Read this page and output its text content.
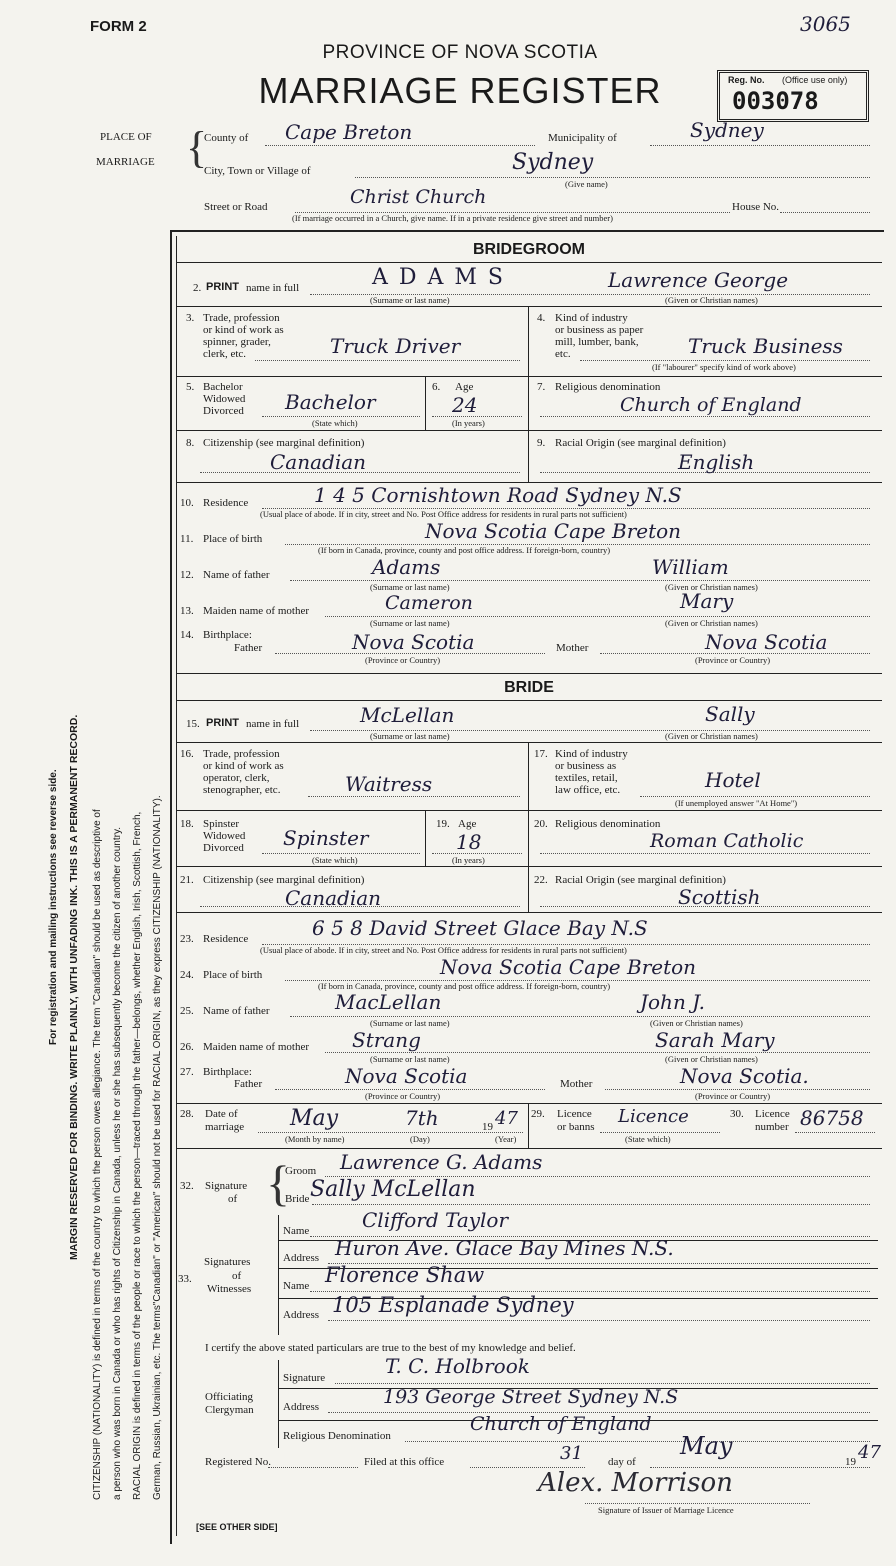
FORM 2	3065
PROVINCE OF NOVA SCOTIA
MARRIAGE REGISTER	Reg. No. (Office use only)
003078
PLACE OF
MARRIAGE {
County of Cape Breton	Municipality of	Sydney
City, Town or Village of	Sydney
(Give name)
Street or Road	Christ Church	House No.
(If marriage occurred in a Church, give name. If in a private residence give street and number)
For registration and mailing instructions see reverse side. MARGIN RESERVED FOR BINDING. WRITE PLAINLY, WITH UNFADING INK. THIS IS A PERMANENT RECORD. CITIZENSHIP (NATIONALITY) is defined in terms of the country to which the person owes allegiance. The term "Canadian" should be used as descriptive of a person who was born in Canada or who has rights of Citizenship in Canada, unless he or she has subsequently become the citizen of another country. RACIAL ORIGIN is defined in terms of the people or race to which the person—traced through the father—belongs, whether English, Irish, Scottish, French, German, Russian, Ukrainian, etc. The terms"Canadian" or "American" should not be used for RACIAL ORIGIN, as they express CITIZENSHIP (NATIONALITY).
BRIDEGROOM
2. PRINT name in full	A D A M S	Lawrence George
(Surname or last name)	(Given or Christian names)
3. Trade, profession
or kind of work as
spinner, grader,
clerk, etc.	Truck Driver
4. Kind of industry
or business as paper
mill, lumber, bank,
etc.	Truck Business
(If "labourer" specify kind of work above)
5. Bachelor
Widowed
Divorced Bachelor
(State which)
6. Age
24
(In years)
7. Religious denomination
Church of England
8. Citizenship (see marginal definition)
Canadian
9. Racial Origin (see marginal definition)
English
10. Residence	1 4 5 Cornishtown Road Sydney N.S
(Usual place of abode. If in city, street and No. Post Office address for residents in rural parts not sufficient)
11. Place of birth	Nova Scotia Cape Breton
(If born in Canada, province, county and post office address. If foreign-born, country)
12. Name of father	Adams	William
(Surname or last name)	(Given or Christian names)
13. Maiden name of mother	Cameron	Mary
(Surname or last name)	(Given or Christian names)
14. Birthplace:
Father	Nova Scotia	Mother	Nova Scotia
(Province or Country)	(Province or Country)
BRIDE
15. PRINT name in full	McLellan	Sally
(Surname or last name)	(Given or Christian names)
16. Trade, profession
or kind of work as
operator, clerk,
stenographer, etc.	Waitress
17. Kind of industry
or business as
textiles, retail,
law office, etc.	Hotel
(If unemployed answer "At Home")
18. Spinster
Widowed
Divorced Spinster
(State which)
19. Age
18
(In years)
20. Religious denomination
Roman Catholic
21. Citizenship (see marginal definition)
Canadian
22. Racial Origin (see marginal definition)
Scottish
23. Residence	6 5 8 David Street Glace Bay N.S
(Usual place of abode. If in city, street and No. Post Office address for residents in rural parts not sufficient)
24. Place of birth	Nova Scotia Cape Breton
(If born in Canada, province, county and post office address. If foreign-born, country)
25. Name of father	MacLellan	John J.
(Surname or last name)	(Given or Christian names)
26. Maiden name of mother Strang	Sarah Mary
(Surname or last name)	(Given or Christian names)
27. Birthplace:
Father	Nova Scotia	Mother	Nova Scotia.
(Province or Country)	(Province or Country)
28. Date of
marriage May	7th	19 47
(Month by name)	(Day)	(Year)
29. Licence
or banns Licence
(State which)
30. Licence
number 86758
32. Signature
of {
Groom Lawrence G. Adams
Bride Sally McLellan
33.
Signatures
of
Witnesses
Name	Clifford Taylor
Address Huron Ave. Glace Bay Mines N.S.
Name Florence Shaw
Address 105 Esplanade Sydney
I certify the above stated particulars are true to the best of my knowledge and belief.
Officiating
Clergyman
Signature	T. C. Holbrook
Address	193 George Street Sydney N.S
Religious Denomination
Church of England
Registered No.	Filed at this office	31 day of
May
19 47
Alex. Morrison
Signature of Issuer of Marriage Licence
[SEE OTHER SIDE]
